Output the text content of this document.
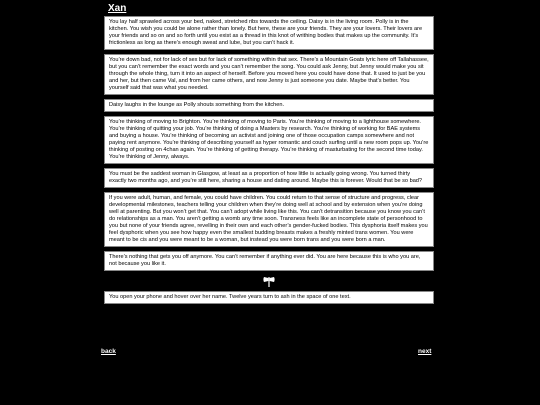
Xan
You lay half sprawled across your bed, naked, stretched ribs towards the ceiling. Daisy is in the living room. Polly is in the kitchen. You wish you could be alone rather than lonely. But here, these are your friends. They are your lovers. Their lovers are your friends and so on and so forth until you exist as a thread in this knot of writhing bodies that makes up the community. It’s frictionless as long as there’s enough sweat and lube, but you can’t hack it.
You’re down bad, not for lack of sex but for lack of something within that sex. There’s a Mountain Goats lyric here off Tallahassee, but you can’t remember the exact words and you can’t remember the song. You could ask Jenny, but Jenny would make you sit through the whole thing, turn it into an aspect of herself. Before you moved here you could have done that. It used to just be you and her, but then came Val, and from her came others, and now Jenny is just someone you date. Maybe that’s better. You yourself said that was what you needed.
Daisy laughs in the lounge as Polly shouts something from the kitchen.
You’re thinking of moving to Brighton. You’re thinking of moving to Paris. You’re thinking of moving to a lighthouse somewhere. You’re thinking of quitting your job. You’re thinking of doing a Masters by research. You’re thinking of working for BAE systems and buying a house. You’re thinking of becoming an activist and joining one of those occupation camps somewhere and not paying rent anymore. You’re thinking of describing yourself as hyper romantic and couch surfing until a new room pops up. You’re thinking of posting on 4chan again. You’re thinking of getting therapy. You’re thinking of masturbating for the second time today. You’re thinking of Jenny, always.
You must be the saddest woman in Glasgow, at least as a proportion of how little is actually going wrong. You turned thirty exactly two months ago, and you’re still here, sharing a house and dating around. Maybe this is forever. Would that be so bad?
If you were adult, human, and female, you could have children. You could return to that sense of structure and progress, clear developmental milestones, teachers telling your children when they’re doing well at school and by extension when you’re doing well at parenting. But you won’t get that. You can’t adopt while living like this. You can’t detransition because you know you can’t do relationships as a man. You aren’t getting a womb any time soon. Transness feels like an incomplete state of personhood to you but none of your friends agree, revelling in their own and each other’s gender-fucked bodies. This dysphoria itself makes you feel dysphoric when you see how happy even the smallest budding breasts makes a freshly minted trans women. You were meant to be cis and you were meant to be a woman, but instead you were born trans and you were born a man.
There’s nothing that gets you off anymore. You can’t remember if anything ever did. You are here because this is who you are, not because you like it.
You open your phone and hover over her name. Twelve years turn to ash in the space of one text.
back	next
